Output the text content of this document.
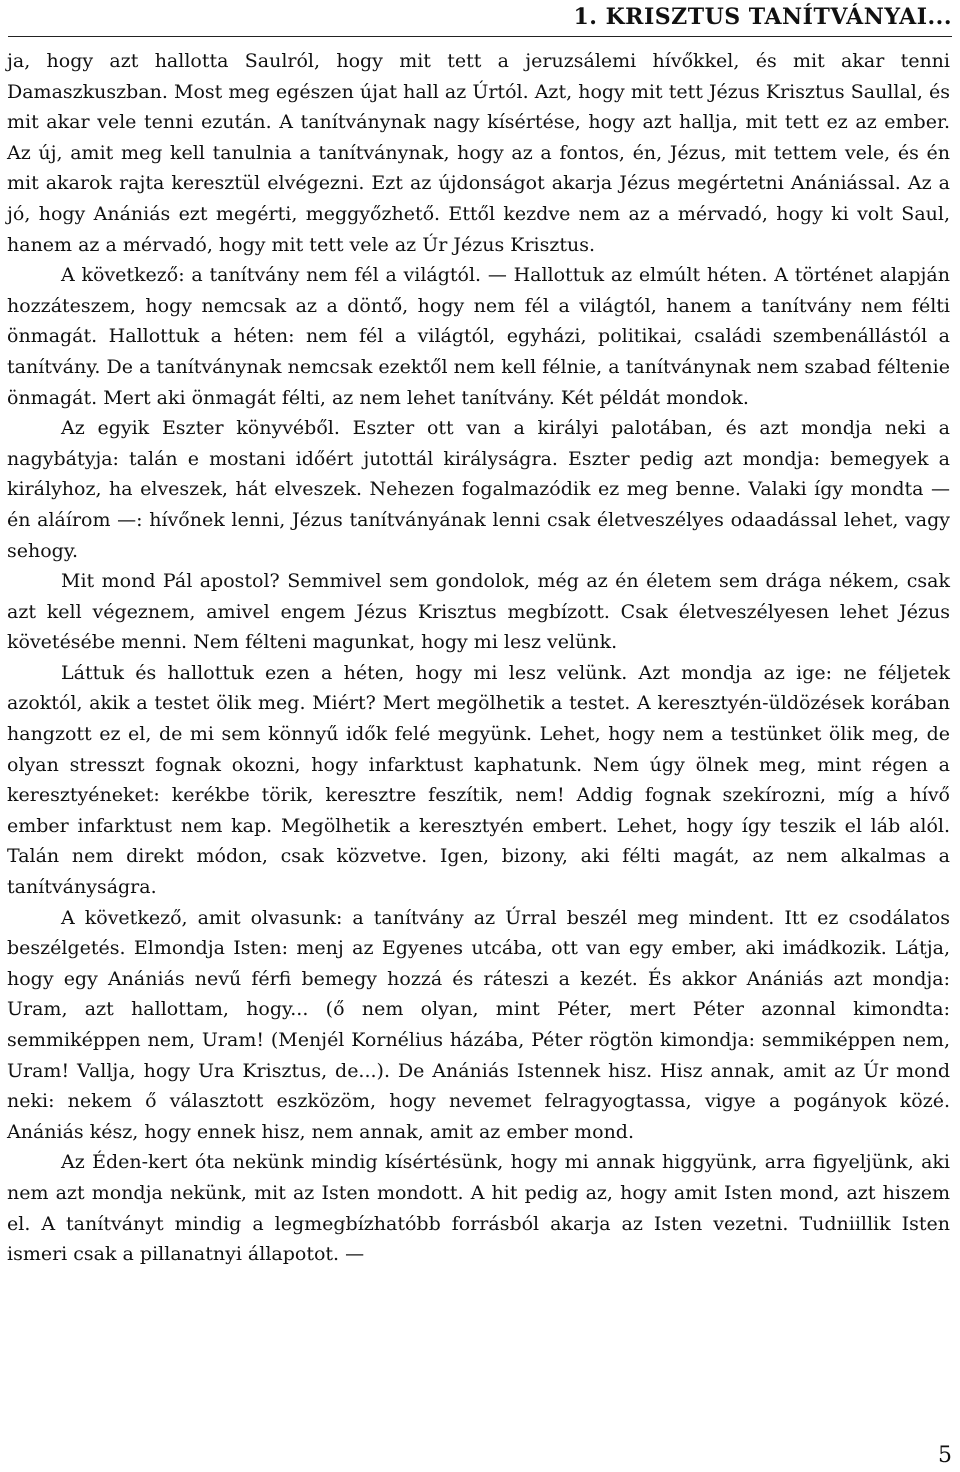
1. KRISZTUS TANÍTVÁNYAI...

ja, hogy azt hallotta Saulról, hogy mit tett a jeruzsálemi hívőkkel, és mit akar tenni Damaszkuszban. Most meg egészen újat hall az Úrtól. Azt, hogy mit tett Jézus Krisztus Saullal, és mit akar vele tenni ezután. A tanítványnak nagy kísértése, hogy azt hallja, mit tett ez az ember. Az új, amit meg kell tanulnia a tanítványnak, hogy az a fontos, én, Jézus, mit tettem vele, és én mit akarok rajta keresztül elvégezni. Ezt az újdonságot akarja Jézus megértetni Anániással. Az a jó, hogy Anániás ezt megérti, meggyőzhető. Ettől kezdve nem az a mérvadó, hogy ki volt Saul, hanem az a mérvadó, hogy mit tett vele az Úr Jézus Krisztus.

A következő: a tanítvány nem fél a világtól. — Hallottuk az elmúlt héten. A történet alapján hozzáteszem, hogy nemcsak az a döntő, hogy nem fél a világtól, hanem a tanítvány nem félti önmagát. Hallottuk a héten: nem fél a világtól, egyházi, politikai, családi szembenállástól a tanítvány. De a tanítványnak nemcsak ezektől nem kell félnie, a tanítványnak nem szabad féltenie önmagát. Mert aki önmagát félti, az nem lehet tanítvány. Két példát mondok.

Az egyik Eszter könyvéből. Eszter ott van a királyi palotában, és azt mondja neki a nagybátyja: talán e mostani időért jutottál királyságra. Eszter pedig azt mondja: bemegyek a királyhoz, ha elveszek, hát elveszek. Nehezen fogalmazódik ez meg benne. Valaki így mondta — én aláírom —: hívőnek lenni, Jézus tanítványának lenni csak életveszélyes odaadással lehet, vagy sehogy.

Mit mond Pál apostol? Semmivel sem gondolok, még az én életem sem drága nékem, csak azt kell végeznem, amivel engem Jézus Krisztus megbízott. Csak életveszélyesen lehet Jézus követésébe menni. Nem félteni magunkat, hogy mi lesz velünk.

Láttuk és hallottuk ezen a héten, hogy mi lesz velünk. Azt mondja az ige: ne féljetek azoktól, akik a testet ölik meg. Miért? Mert megölhetik a testet. A keresztyén-üldözések korában hangzott ez el, de mi sem könnyű idők felé megyünk. Lehet, hogy nem a testünket ölik meg, de olyan stresszt fognak okozni, hogy infarktust kaphatunk. Nem úgy ölnek meg, mint régen a keresztyéneket: kerékbe törik, keresztre feszítik, nem! Addig fognak szekírozni, míg a hívő ember infarktust nem kap. Megölhetik a keresztyén embert. Lehet, hogy így teszik el láb alól. Talán nem direkt módon, csak közvetve. Igen, bizony, aki félti magát, az nem alkalmas a tanítványságra.

A következő, amit olvasunk: a tanítvány az Úrral beszél meg mindent. Itt ez csodálatos beszélgetés. Elmondja Isten: menj az Egyenes utcába, ott van egy ember, aki imádkozik. Látja, hogy egy Anániás nevű férfi bemegy hozzá és ráteszi a kezét. És akkor Anániás azt mondja: Uram, azt hallottam, hogy... (ő nem olyan, mint Péter, mert Péter azonnal kimondta: semmiképpen nem, Uram! (Menjél Kornélius házába, Péter rögtön kimondja: semmiképpen nem, Uram! Vallja, hogy Ura Krisztus, de...). De Anániás Istennek hisz. Hisz annak, amit az Úr mond neki: nekem ő választott eszközöm, hogy nevemet felragyogtassa, vigye a pogányok közé. Anániás kész, hogy ennek hisz, nem annak, amit az ember mond.

Az Éden-kert óta nekünk mindig kísértésünk, hogy mi annak higgyünk, arra figyeljünk, aki nem azt mondja nekünk, mit az Isten mondott. A hit pedig az, hogy amit Isten mond, azt hiszem el. A tanítványt mindig a legmegbízhatóbb forrásból akarja az Isten vezetni. Tudniillik Isten ismeri csak a pillanatnyi állapotot. —

5
